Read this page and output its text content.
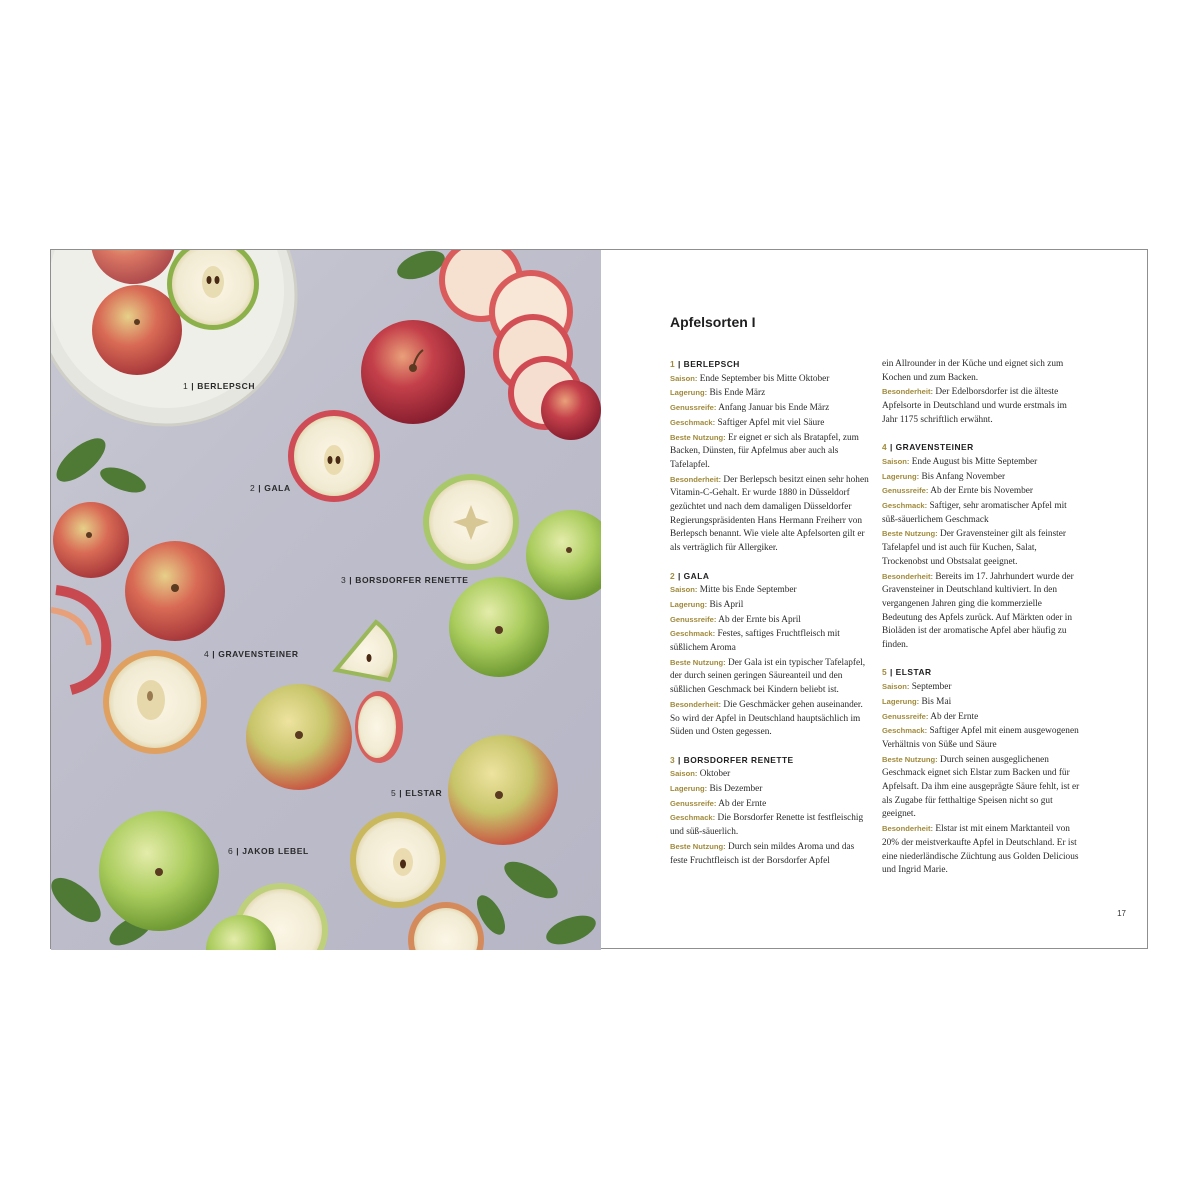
1 | BERLEPSCH
2 | GALA
3 | BORSDORFER RENETTE
4 | GRAVENSTEINER
5 | ELSTAR
6 | JAKOB LEBEL
Apfelsorten I
1 | BERLEPSCH
Saison: Ende September bis Mitte Oktober
Lagerung: Bis Ende März
Genussreife: Anfang Januar bis Ende März
Geschmack: Saftiger Apfel mit viel Säure
Beste Nutzung: Er eignet er sich als Bratapfel, zum Backen, Dünsten, für Apfelmus aber auch als Tafelapfel.
Besonderheit: Der Berlepsch besitzt einen sehr hohen Vitamin-C-Gehalt. Er wurde 1880 in Düsseldorf gezüchtet und nach dem damaligen Düsseldorfer Regierungspräsidenten Hans Hermann Freiherr von Berlepsch benannt. Wie viele alte Apfelsorten gilt er als verträglich für Allergiker.
2 | GALA
Saison: Mitte bis Ende September
Lagerung: Bis April
Genussreife: Ab der Ernte bis April
Geschmack: Festes, saftiges Fruchtfleisch mit süßlichem Aroma
Beste Nutzung: Der Gala ist ein typischer Tafelapfel, der durch seinen geringen Säureanteil und den süßlichen Geschmack bei Kindern beliebt ist.
Besonderheit: Die Geschmäcker gehen auseinander. So wird der Apfel in Deutschland hauptsächlich im Süden und Osten gegessen.
3 | BORSDORFER RENETTE
Saison: Oktober
Lagerung: Bis Dezember
Genussreife: Ab der Ernte
Geschmack: Die Borsdorfer Renette ist festfleischig und süß-säuerlich.
Beste Nutzung: Durch sein mildes Aroma und das feste Fruchtfleisch ist der Borsdorfer Apfel
ein Allrounder in der Küche und eignet sich zum Kochen und zum Backen.
Besonderheit: Der Edelborsdorfer ist die älteste Apfelsorte in Deutschland und wurde erstmals im Jahr 1175 schriftlich erwähnt.
4 | GRAVENSTEINER
Saison: Ende August bis Mitte September
Lagerung: Bis Anfang November
Genussreife: Ab der Ernte bis November
Geschmack: Saftiger, sehr aromatischer Apfel mit süß-säuerlichem Geschmack
Beste Nutzung: Der Gravensteiner gilt als feinster Tafelapfel und ist auch für Kuchen, Salat, Trockenobst und Obstsalat geeignet.
Besonderheit: Bereits im 17. Jahrhundert wurde der Gravensteiner in Deutschland kultiviert. In den vergangenen Jahren ging die kommerzielle Bedeutung des Apfels zurück. Auf Märkten oder in Bioläden ist der aromatische Apfel aber häufig zu finden.
5 | ELSTAR
Saison: September
Lagerung: Bis Mai
Genussreife: Ab der Ernte
Geschmack: Saftiger Apfel mit einem ausgewogenen Verhältnis von Süße und Säure
Beste Nutzung: Durch seinen ausgeglichenen Geschmack eignet sich Elstar zum Backen und für Apfelsaft. Da ihm eine ausgeprägte Säure fehlt, ist er als Zugabe für fetthaltige Speisen nicht so gut geeignet.
Besonderheit: Elstar ist mit einem Marktanteil von 20% der meistverkaufte Apfel in Deutschland. Er ist eine niederländische Züchtung aus Golden Delicious und Ingrid Marie.
17
